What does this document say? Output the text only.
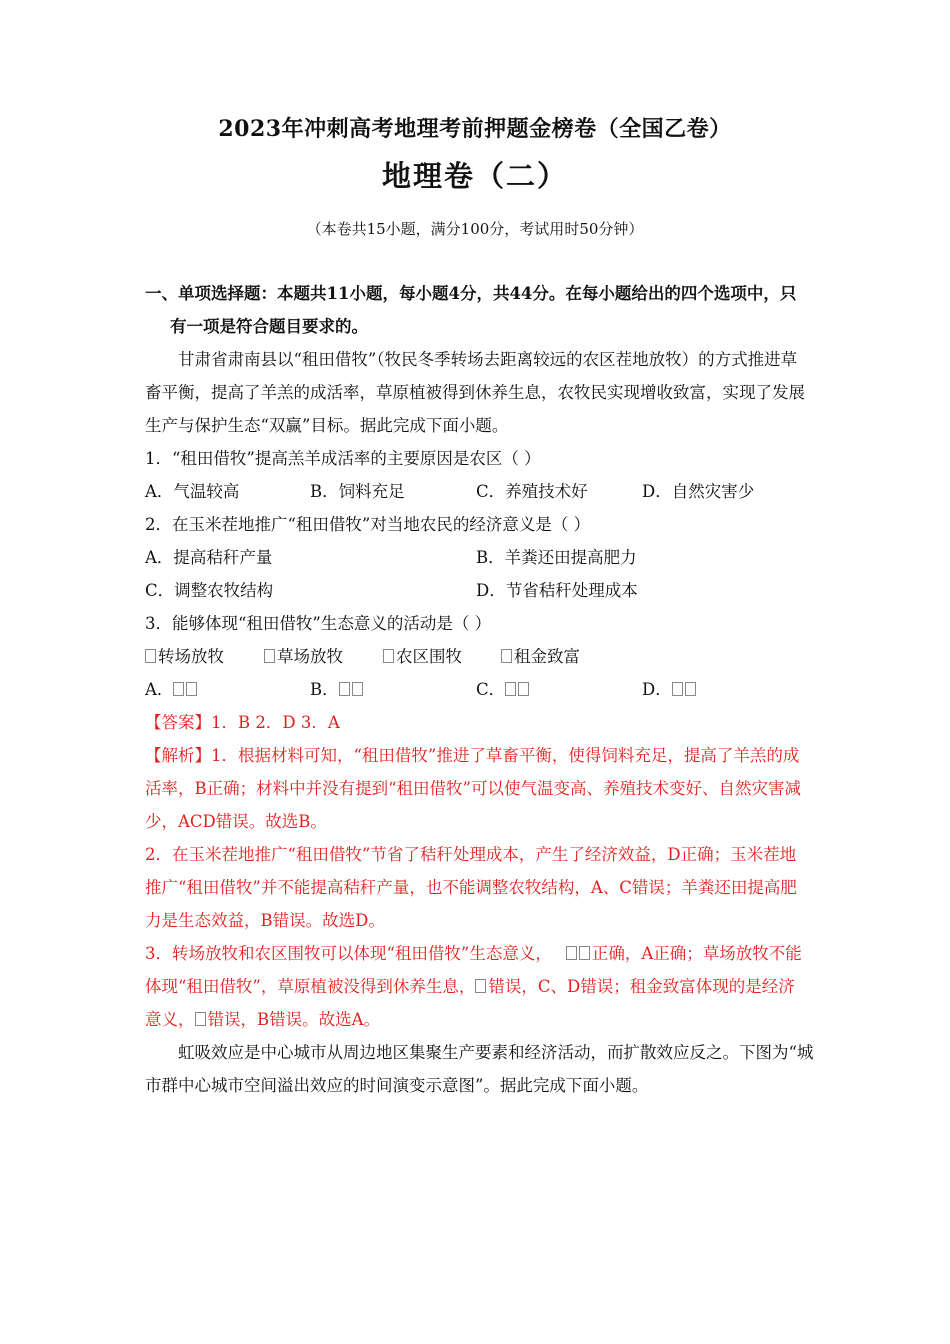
2023年冲刺高考地理考前押题金榜卷（全国乙卷）
地理卷（二）
（本卷共15小题，满分100分，考试用时50分钟）
一、单项选择题：本题共11小题，每小题4分，共44分。在每小题给出的四个选项中，只
有一项是符合题目要求的。
甘肃省肃南县以“租田借牧”（牧民冬季转场去距离较远的农区茬地放牧）的方式推进草
畜平衡，提高了羊羔的成活率，草原植被得到休养生息，农牧民实现增收致富，实现了发展
生产与保护生态“双赢”目标。据此完成下面小题。
1．“租田借牧”提高羔羊成活率的主要原因是农区（ ）
A．气温较高	B．饲料充足	C．养殖技术好	D．自然灾害少
2．在玉米茬地推广“租田借牧”对当地农民的经济意义是（ ）
A．提高秸秆产量	B．羊粪还田提高肥力
C．调整农牧结构	D．节省秸秆处理成本
3．能够体现“租田借牧”生态意义的活动是（ ）
转场放牧	草场放牧	农区围牧	租金致富
A．	B．	C．	D．
【答案】1．B 2．D 3．A
【解析】1．根据材料可知，“租田借牧”推进了草畜平衡，使得饲料充足，提高了羊羔的成
活率，B正确；材料中并没有提到“租田借牧”可以使气温变高、养殖技术变好、自然灾害减
少，ACD错误。故选B。
2．在玉米茬地推广“租田借牧”节省了秸秆处理成本，产生了经济效益，D正确；玉米茬地
推广“租田借牧”并不能提高秸秆产量，也不能调整农牧结构，A、C错误；羊粪还田提高肥
力是生态效益，B错误。故选D。
3．转场放牧和农区围牧可以体现“租田借牧”生态意义， 正确，A正确；草场放牧不能
体现“租田借牧”，草原植被没得到休养生息， 错误，C、D错误；租金致富体现的是经济
意义， 错误，B错误。故选A。
虹吸效应是中心城市从周边地区集聚生产要素和经济活动，而扩散效应反之。下图为“城
市群中心城市空间溢出效应的时间演变示意图”。据此完成下面小题。
